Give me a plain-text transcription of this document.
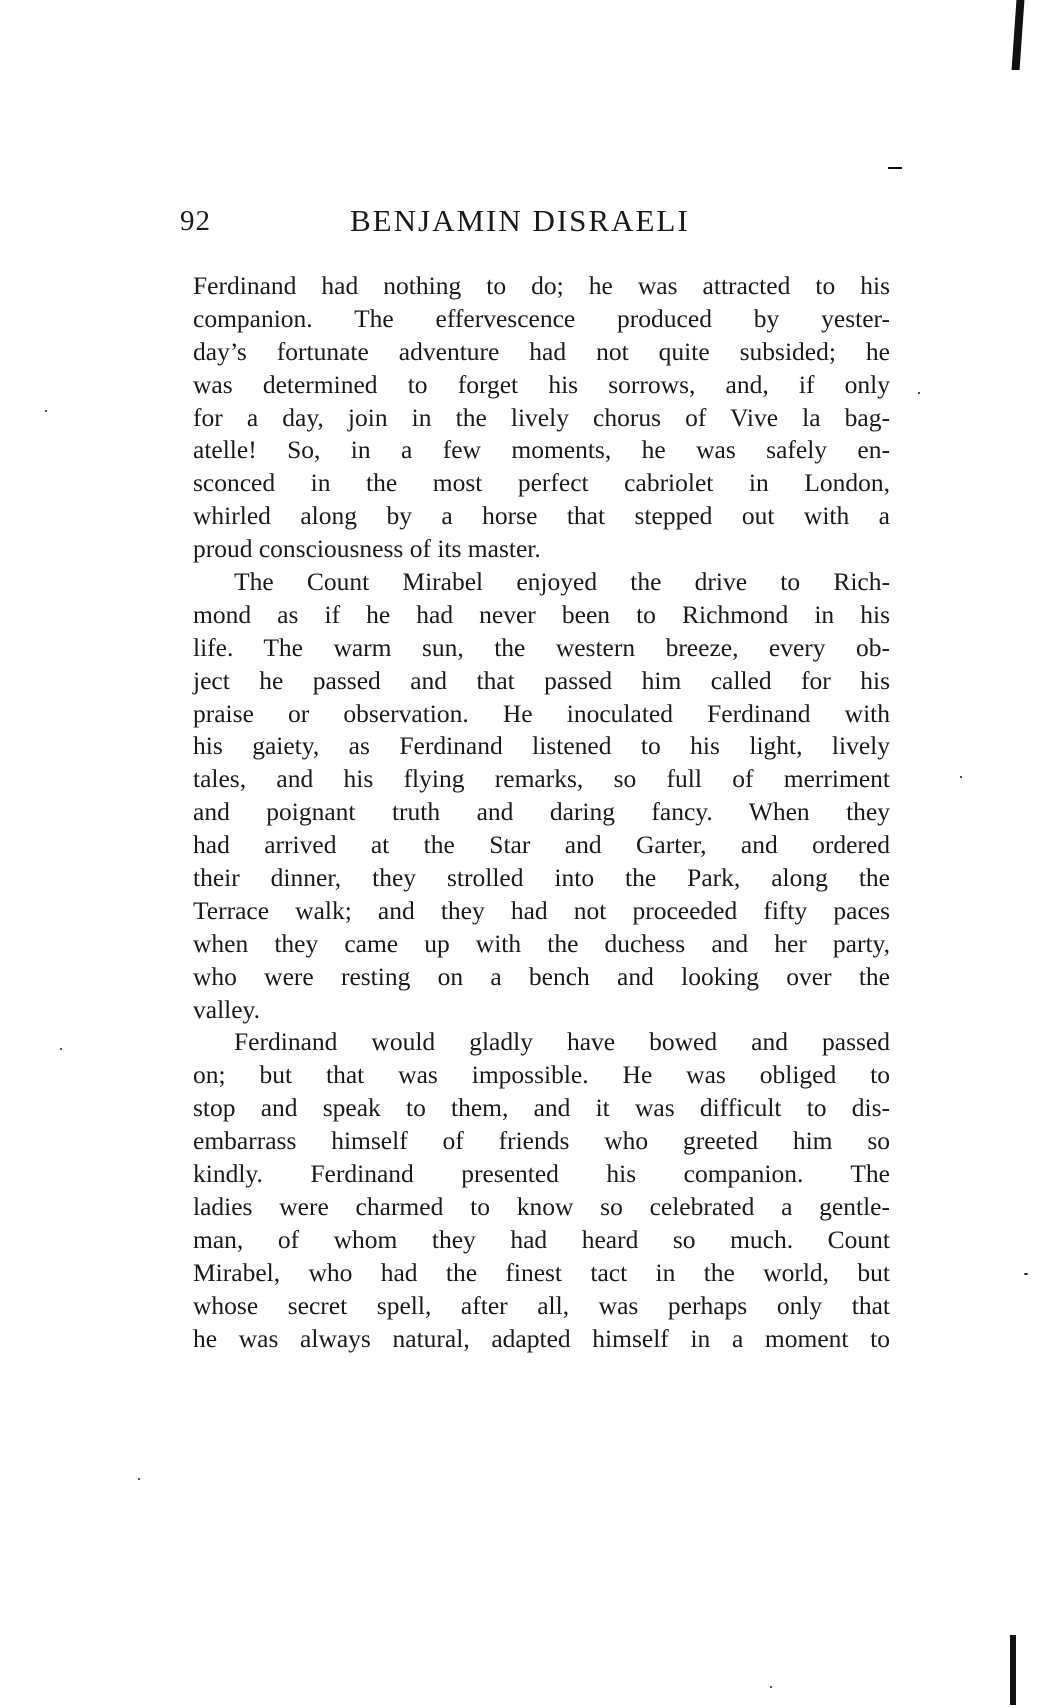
92	BENJAMIN DISRAELI
Ferdinand had nothing to do; he was attracted to his
companion. The effervescence produced by yester-
day’s fortunate adventure had not quite subsided; he
was determined to forget his sorrows, and, if only
for a day, join in the lively chorus of Vive la bag-
atelle! So, in a few moments, he was safely en-
sconced in the most perfect cabriolet in London,
whirled along by a horse that stepped out with a
proud consciousness of its master.
The Count Mirabel enjoyed the drive to Rich-
mond as if he had never been to Richmond in his
life. The warm sun, the western breeze, every ob-
ject he passed and that passed him called for his
praise or observation. He inoculated Ferdinand with
his gaiety, as Ferdinand listened to his light, lively
tales, and his flying remarks, so full of merriment
and poignant truth and daring fancy. When they
had arrived at the Star and Garter, and ordered
their dinner, they strolled into the Park, along the
Terrace walk; and they had not proceeded fifty paces
when they came up with the duchess and her party,
who were resting on a bench and looking over the
valley.
Ferdinand would gladly have bowed and passed
on; but that was impossible. He was obliged to
stop and speak to them, and it was difficult to dis-
embarrass himself of friends who greeted him so
kindly. Ferdinand presented his companion. The
ladies were charmed to know so celebrated a gentle-
man, of whom they had heard so much. Count
Mirabel, who had the finest tact in the world, but
whose secret spell, after all, was perhaps only that
he was always natural, adapted himself in a moment to
